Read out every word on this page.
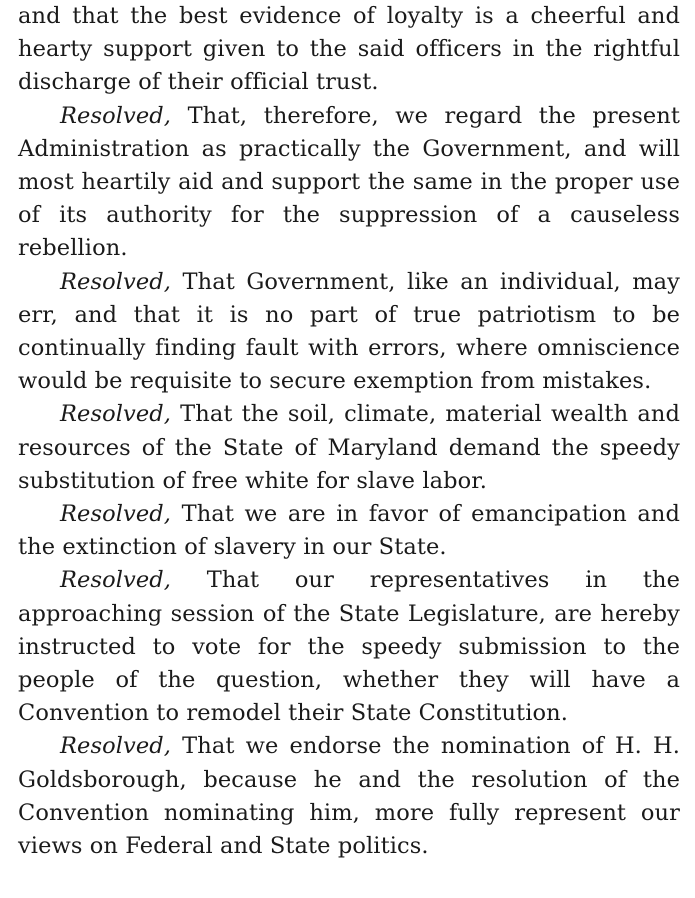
and that the best evidence of loyalty is a cheerful and hearty support given to the said officers in the rightful discharge of their official trust.

Resolved, That, therefore, we regard the present Administration as practically the Government, and will most heartily aid and support the same in the proper use of its authority for the suppression of a causeless rebellion.

Resolved, That Government, like an individual, may err, and that it is no part of true patriotism to be continually finding fault with errors, where omniscience would be requisite to secure exemption from mistakes.

Resolved, That the soil, climate, material wealth and resources of the State of Maryland demand the speedy substitution of free white for slave labor.

Resolved, That we are in favor of emancipation and the extinction of slavery in our State.

Resolved, That our representatives in the approaching session of the State Legislature, are hereby instructed to vote for the speedy submission to the people of the question, whether they will have a Convention to remodel their State Constitution.

Resolved, That we endorse the nomination of H. H. Goldsborough, because he and the resolution of the Convention nominating him, more fully represent our views on Federal and State politics.
